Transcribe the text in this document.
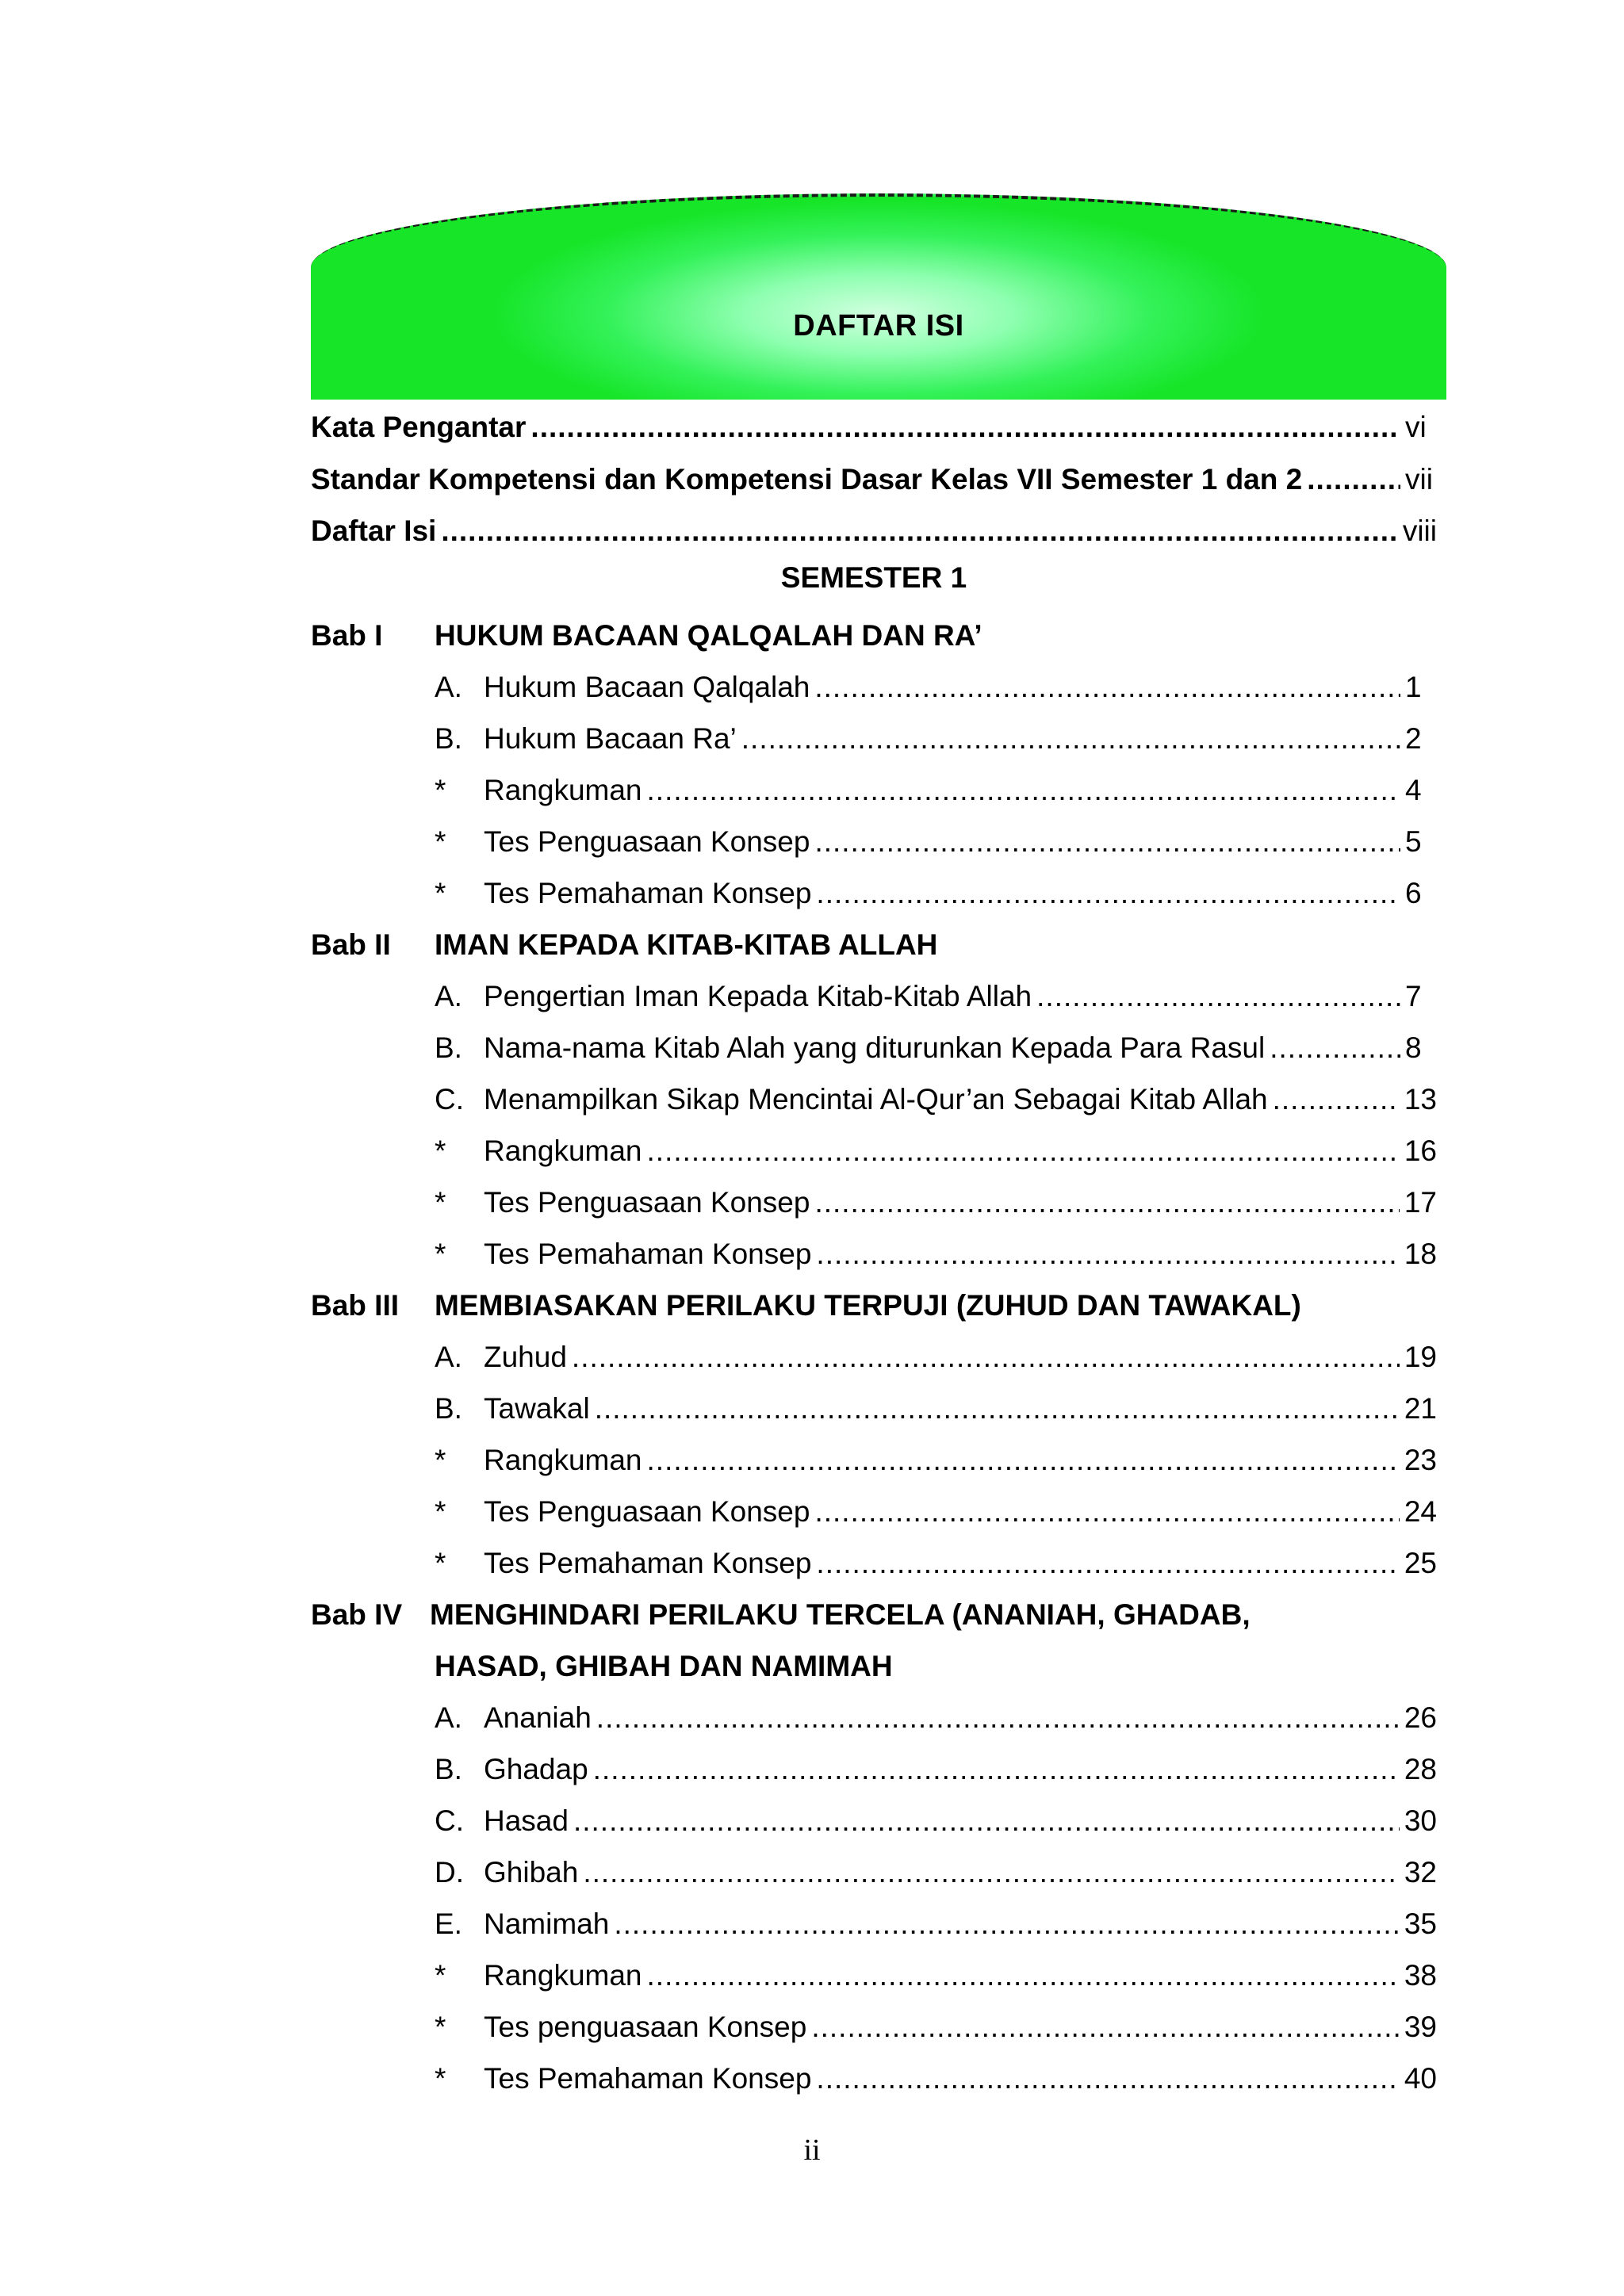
DAFTAR ISI
Kata Pengantar .....	vi
Standar Kompetensi dan Kompetensi Dasar Kelas VII Semester 1 dan 2 .....	vii
Daftar Isi .....	viii
SEMESTER 1
Bab I	HUKUM BACAAN QALQALAH DAN RA’
A. Hukum Bacaan Qalqalah .....	1
B. Hukum Bacaan Ra’ .....	2
*	Rangkuman .....	4
*	Tes Penguasaan Konsep .....	5
*	Tes Pemahaman Konsep .....	6
Bab II	IMAN KEPADA KITAB-KITAB ALLAH
A. Pengertian Iman Kepada Kitab-Kitab Allah .....	7
B. Nama-nama Kitab Alah yang diturunkan Kepada Para Rasul .....	8
C. Menampilkan Sikap Mencintai Al-Qur’an Sebagai Kitab Allah .....	13
*	Rangkuman .....	16
*	Tes Penguasaan Konsep .....	17
*	Tes Pemahaman Konsep .....	18
Bab III	MEMBIASAKAN PERILAKU TERPUJI (ZUHUD DAN TAWAKAL)
A. Zuhud .....	19
B. Tawakal .....	21
*	Rangkuman .....	23
*	Tes Penguasaan Konsep .....	24
*	Tes Pemahaman Konsep .....	25
Bab IV MENGHINDARI PERILAKU TERCELA (ANANIAH, GHADAB,
HASAD, GHIBAH DAN NAMIMAH
A. Ananiah .....	26
B. Ghadap .....	28
C. Hasad .....	30
D. Ghibah .....	32
E. Namimah .....	35
*	Rangkuman .....	38
*	Tes penguasaan Konsep .....	39
*	Tes Pemahaman Konsep .....	40
ii
